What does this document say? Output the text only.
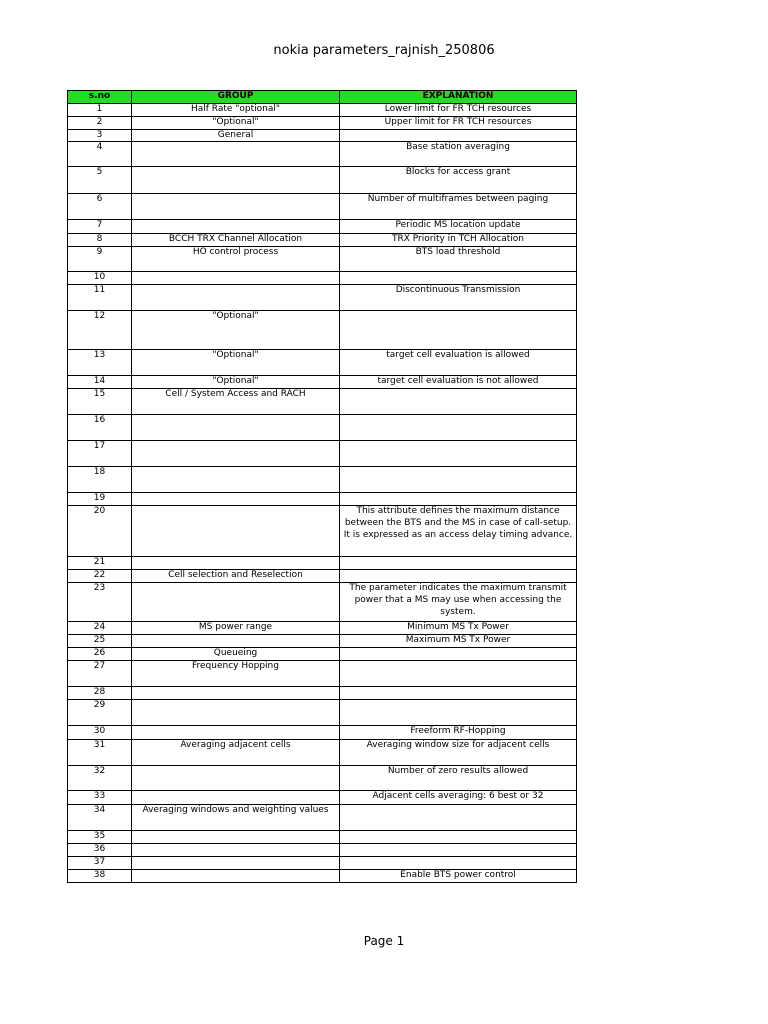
nokia parameters_rajnish_250806
s.no	GROUP	EXPLANATION
1	Half Rate "optional"	Lower limit for FR TCH resources
2	"Optional"	Upper limit for FR TCH resources
3	General	
4		Base station averaging
5		Blocks for access grant
6		Number of multiframes between paging
7		Periodic MS location update
8	BCCH TRX Channel Allocation	TRX Priority in TCH Allocation
9	HO control process	BTS load threshold
10		
11		Discontinuous Transmission
12	"Optional"	
13	"Optional"	target cell evaluation is allowed
14	"Optional"	target cell evaluation is not allowed
15	Cell / System Access and RACH	
16		
17		
18		
19		
20		This attribute defines the maximum distance between the BTS and the MS in case of call-setup. It is expressed as an access delay timing advance.
21		
22	Cell selection and Reselection	
23		The parameter indicates the maximum transmit power that a MS may use when accessing the system.
24	MS power range	Minimum MS Tx Power
25		Maximum MS Tx Power
26	Queueing	
27	Frequency Hopping	
28		
29		
30		Freeform RF-Hopping
31	Averaging adjacent cells	Averaging window size for adjacent cells
32		Number of zero results allowed
33		Adjacent cells averaging: 6 best or 32
34	Averaging windows and weighting values	
35		
36		
37		
38		Enable BTS power control
Page 1
